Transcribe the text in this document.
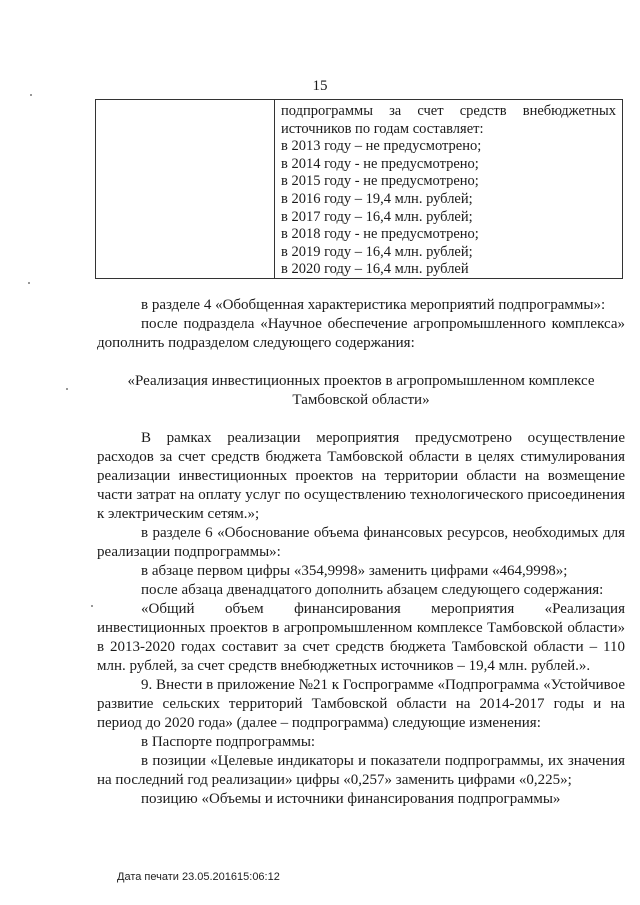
15
подпрограммы за счет средств внебюджетных
источников по годам составляет:
в 2013 году – не предусмотрено;
в 2014 году - не предусмотрено;
в 2015 году - не предусмотрено;
в 2016 году – 19,4 млн. рублей;
в 2017 году – 16,4 млн. рублей;
в 2018 году - не предусмотрено;
в 2019 году – 16,4 млн. рублей;
в 2020 году – 16,4 млн. рублей

в разделе 4 «Обобщенная характеристика мероприятий подпрограммы»:

после подраздела «Научное обеспечение агропромышленного комплекса» дополнить подразделом следующего содержания:

«Реализация инвестиционных проектов в агропромышленном комплексе Тамбовской области»

В рамках реализации мероприятия предусмотрено осуществление расходов за счет средств бюджета Тамбовской области в целях стимулирования реализации инвестиционных проектов на территории области на возмещение части затрат на оплату услуг по осуществлению технологического присоединения к электрическим сетям.»;

в разделе 6 «Обоснование объема финансовых ресурсов, необходимых для реализации подпрограммы»:

в абзаце первом цифры «354,9998» заменить цифрами «464,9998»;

после абзаца двенадцатого дополнить абзацем следующего содержания:

«Общий объем финансирования мероприятия «Реализация инвестиционных проектов в агропромышленном комплексе Тамбовской области» в 2013-2020 годах составит за счет средств бюджета Тамбовской области – 110 млн. рублей, за счет средств внебюджетных источников – 19,4 млн. рублей.».

9. Внести в приложение №21 к Госпрограмме «Подпрограмма «Устойчивое развитие сельских территорий Тамбовской области на 2014-2017 годы и на период до 2020 года» (далее – подпрограмма) следующие изменения:

в Паспорте подпрограммы:

в позиции «Целевые индикаторы и показатели подпрограммы, их значения на последний год реализации» цифры «0,257» заменить цифрами «0,225»;

позицию «Объемы и источники финансирования подпрограммы»

Дата печати 23.05.201615:06:12
